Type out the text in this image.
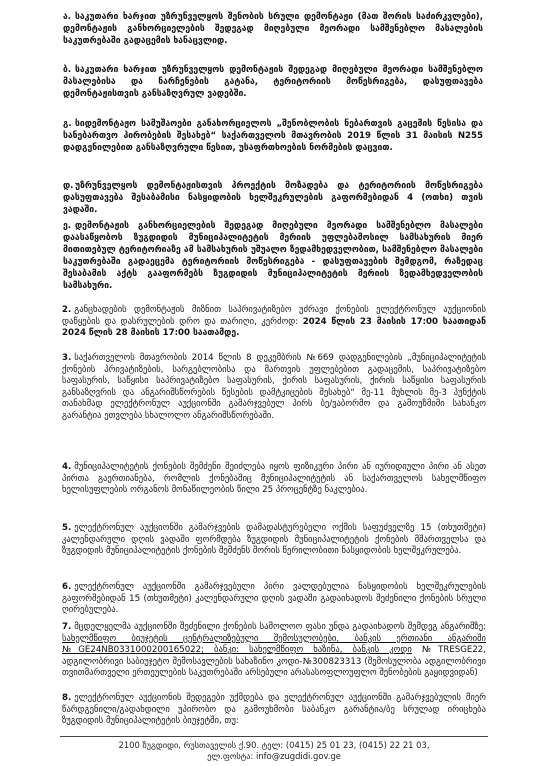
ა. საკუთარი ხარჯით უზრუნველყოს შენობის სრული დემონტაჟი (მათ შორის საძირკვლები), დემონტაჟის განხორციელების შედეგად მიღებული მეორადი სამშენებლო მასალების საკუთრებაში გადაცემის ხანაცვლიდ.
ბ. საკუთარი ხარჯით უზრუნველყოს დემონტაჟის შედეგად მიღებული მეორადი სამშენებლო მასალებისა და ნარჩენების გატანა, ტერიტორიის მოწესრიგება, დასუფთავება დემონტაჟისთვის განსაზღვრულ ვადებში.
გ. სიდემონტაჟო სამუშაოები განახორციელოს „შენობლობის ნებართვის გაცემის წესისა და სანებართვო პირობების შესახებ“ საქართველოს მთავრობის 2019 წლის 31 მაისის N255 დადგენილებით განსაზღვრული წესით, უსაფრთხოების ნორმების დაცვით.
დ. უზრუნველყოს დემონტაჟისთვის პროექტის მოზადება და ტერიტორიის მოწესრიგება დასუფთავება შესაბამისი ნასყიდობის ხელშეკრულების გაფორმებიდან 4 (ოთხი) თვის ვადაში.
ე. დემონტაჟის განხორციელების შედეგად მიღებული მეორადი სამშენებლო მასალები დაასაწყობოს ზუგდიდის მუნიციპალიტეტის მერიის უფლებამოსილ სამსახურის მიერ მითითებულ ტერიტორიაზე ამ სამსახურის უშუალო ზედამხედველობით, სამშენებლო მასალები საკუთრებაში გადაეცემა ტერიტორიის მოწესრიგება - დასუფთავების შემდგომ, რაზედაც შესაბამის აქტს გააფორმებს ზუგდიდის მუნიციპალიტეტის მერიის ზედამხედველობის სამსახური.

2. განცხადების დემონტაჟის მიზნით საპრივატიზებო უძრავი ქონების ელექტრონულ აუქციონის დაწყების და დასრულების დრო და თარიღი, კერძოდ: 2024 წლის 23 მაისის 17:00 საათიდან 2024 წლის 28 მაისის 17:00 საათამდე.

3. საქართველოს მთავრობის 2014 წლის 8 დეკემბრის №669 დადგენილების „მუნიციპალიტეტის ქონების პრივატიზების, სარგებლობისა და მართვის უფლებებით გადაცემის, საპრივატიზებო საფასურის, საწყისი საპრივატიზებო საფასურის, ქირის საფასურის, ქირის საწყისი საფასურის განსაზღვრის და ანგარიშსწორების წესების დამტკიცების შესახებ“ მე-11 მუხლის მე-3 პუნქტის თანახმად ელექტრონულ აუქციონში გამარჯვებულ პირს ბე/ვაბორმო და გამოუზმიმი სახანკო გარანტია ეთვლება სხალოლო ანგარიშსწორებაში.

4. მუნიციპალიტეტის ქონების შემძენი შეიძლება იყოს ფიზიკური პირი ან იურიდიული პირი ან ასეთ პირთა გაერთიანება, რომლის ქონებაშიც მუნიციპალიტეტის ან საქართველოს სახელმწიფო ხელისუფლების ორგანოს მონაწილეობის წილი 25 პროცენტზე ნაკლებია.

5. ელექტრონულ აუქციონში გამარჯვების დამადასტურებელი ოქმის საფუძველზე 15 (თხუთმეტი) კალენდარული დღის ვადაში ფორმდება ზუგდიდის მუნიციპალიტეტის ქონების მშართველსა და ზუგდიდის მუნიციპალიტეტის ქონების შემძენს შორის წერილობითი ნასყიდობის ხელშეკრულება.

6. ელექტრონულ აუქციონში გამარჯვებული პირი ვალდებულია ნასყიდობის ხელშეკრულების გაფორმებიდან 15 (თხუთმეტი) კალენდარული დღის ვადაში გადაიხადოს შეძენილი ქონების სრული ღირებულება.

7. მცდელყელმა აუქციონში შეძენილი ქონების სამოლოო ფასი უნდა გადაიხადოს შემდეგ ანგარიშზე: სახელმწიფო ბიუჯეტის ცენტრალიზებული შემოსულობები, ბანკის ერთიანი ანგარიში №GE24NB0331000200165022; ბანკი: სახელმწიფო ხაზინა, ბანკის კოდი №TRESGE22, ადგილობრივი საბიუჯეტო შემოსავლების სახაზინო კოდი-№300823313 (შემოსულობა ადგილობრივი თვითმართველი ერთეულების საკუთრებაში არსებული არასასოფლოუფლო შენობების გაყიდვიდან)

8. ელექტრონულ აუქციონის შედეგები უქმდება და ელექტრონულ აუქციონში გამარჯვებულის მიერ წარდგენილი/გადახდილი უპირობო და გამოუხმობი საბანკო გარანტია/ბე სრულად ირიცხება ზუგდიდის მუნიციპალიტეტის ბიუჯეტში, თუ:

2100 ზუგდიდი, რუსთაველის ქ.90. ტელ: (0415) 25 01 23, (0415) 22 21 03,
ელ.ფოსტა: info@zugdidi.gov.ge
